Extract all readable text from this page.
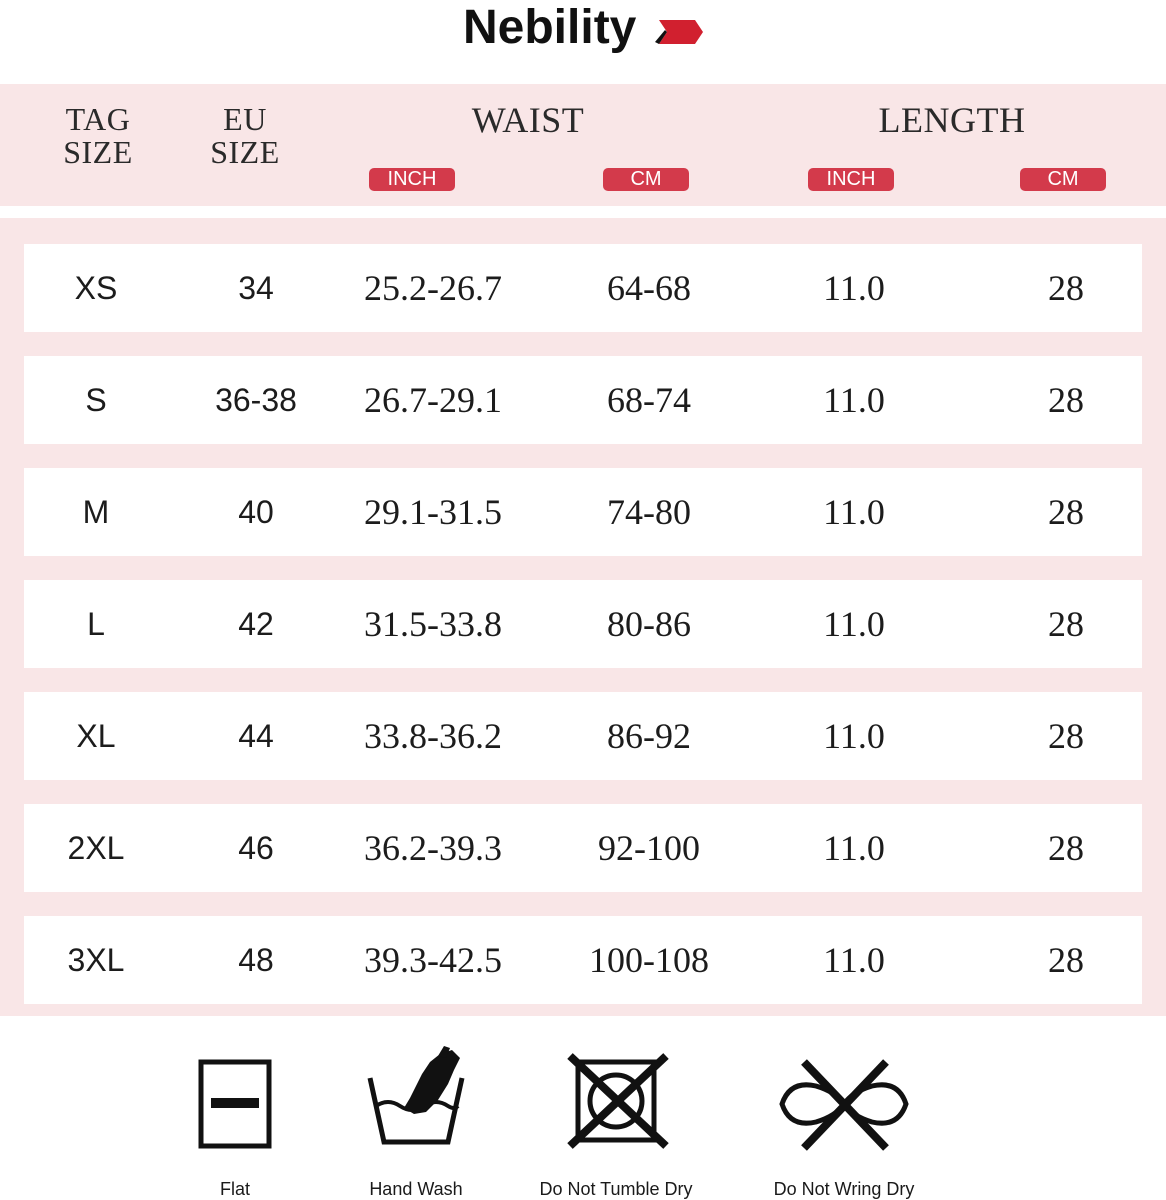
Nebility
TAG SIZE
EU SIZE
WAIST	LENGTH
INCH	CM	INCH	CM
XS	34	25.2-26.7	64-68	11.0	28
S	36-38	26.7-29.1	68-74	11.0	28
M	40	29.1-31.5	74-80	11.0	28
L	42	31.5-33.8	80-86	11.0	28
XL	44	33.8-36.2	86-92	11.0	28
2XL	46	36.2-39.3	92-100	11.0	28
3XL	48	39.3-42.5	100-108	11.0	28
Flat	Hand Wash	Do Not Tumble Dry	Do Not Wring Dry
